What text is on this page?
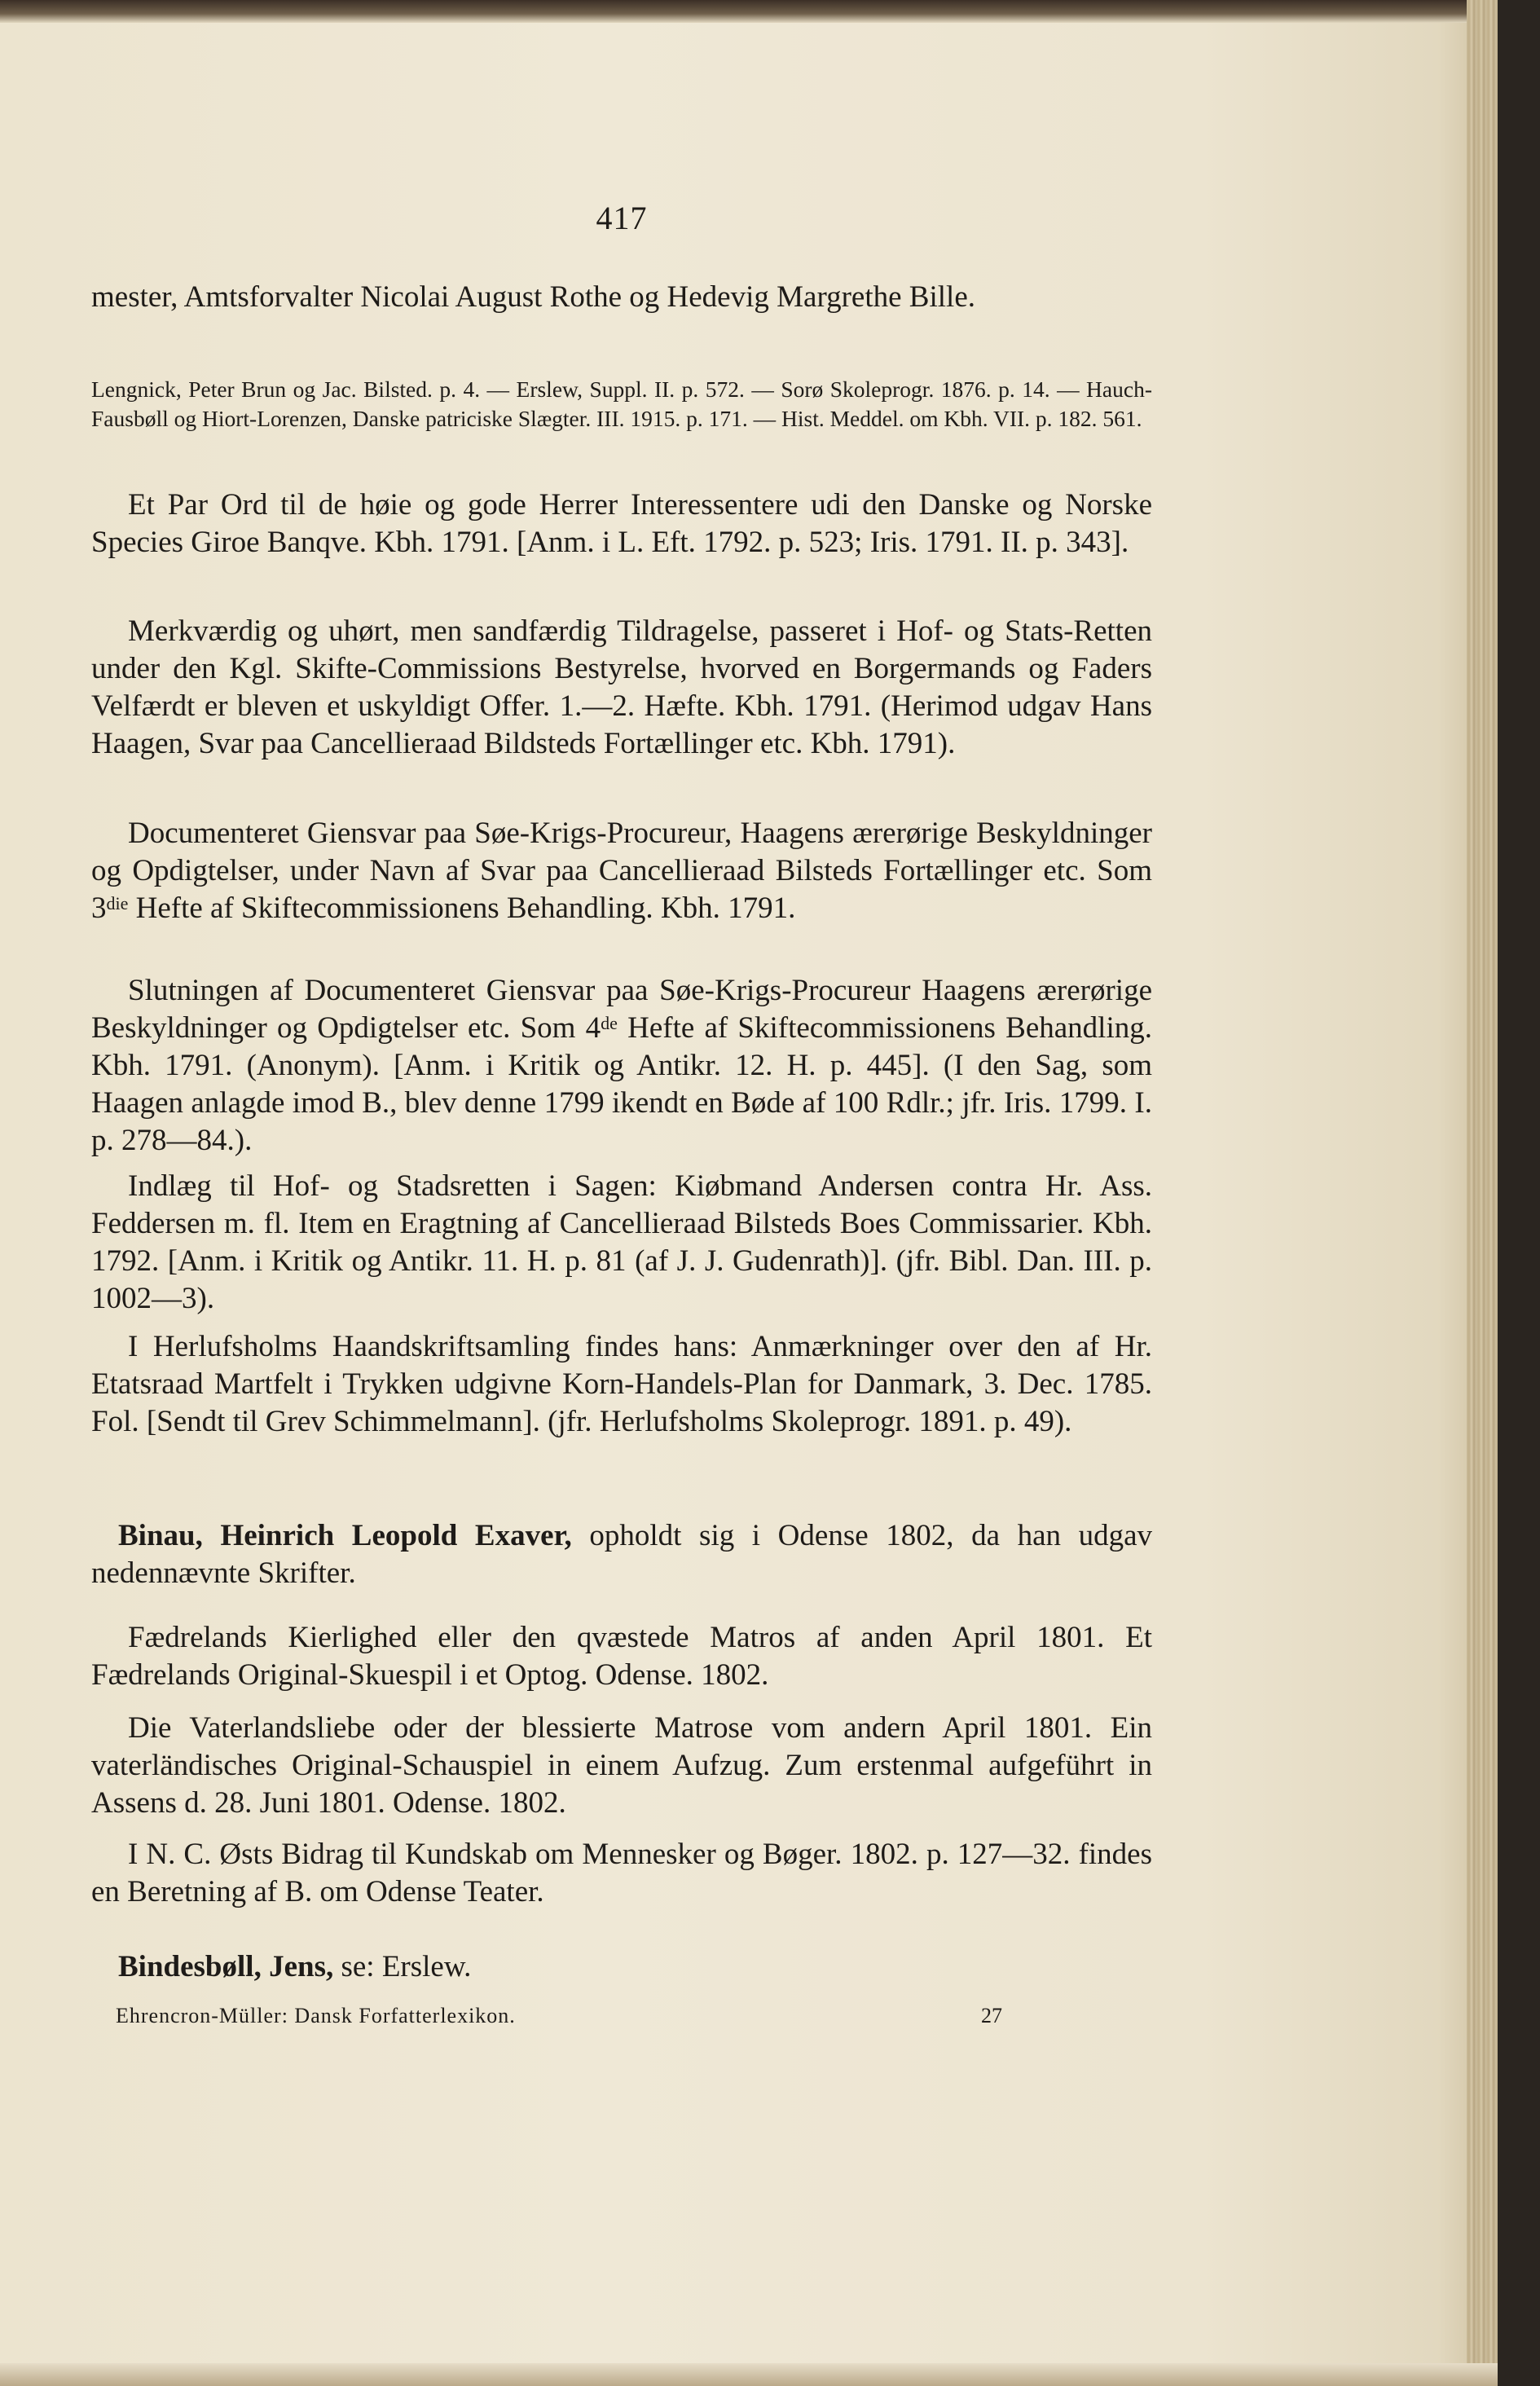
417
mester, Amtsforvalter Nicolai August Rothe og Hedevig Margrethe Bille.
Lengnick, Peter Brun og Jac. Bilsted. p. 4. — Erslew, Suppl. II. p. 572. — Sorø Skoleprogr. 1876. p. 14. — Hauch-Fausbøll og Hiort-Lorenzen, Danske patriciske Slægter. III. 1915. p. 171. — Hist. Meddel. om Kbh. VII. p. 182. 561.
Et Par Ord til de høie og gode Herrer Interessentere udi den Danske og Norske Species Giroe Banqve. Kbh. 1791. [Anm. i L. Eft. 1792. p. 523; Iris. 1791. II. p. 343].
Merkværdig og uhørt, men sandfærdig Tildragelse, passeret i Hof- og Stats-Retten under den Kgl. Skifte-Commissions Bestyrelse, hvorved en Borgermands og Faders Velfærdt er bleven et uskyldigt Offer. 1.—2. Hæfte. Kbh. 1791. (Herimod udgav Hans Haagen, Svar paa Cancellieraad Bildsteds Fortællinger etc. Kbh. 1791).
Documenteret Giensvar paa Søe-Krigs-Procureur, Haagens ærerørige Beskyldninger og Opdigtelser, under Navn af Svar paa Cancellieraad Bilsteds Fortællinger etc. Som $3^{die}$ Hefte af Skiftecommissionens Behandling. Kbh. 1791.
Slutningen af Documenteret Giensvar paa Søe-Krigs-Procureur Haagens ærerørige Beskyldninger og Opdigtelser etc. Som 4de Hefte af Skiftecommissionens Behandling. Kbh. 1791. (Anonym). [Anm. i Kritik og Antikr. 12. H. p. 445]. (I den Sag, som Haagen anlagde imod B., blev denne 1799 ikendt en Bøde af 100 Rdlr.; jfr. Iris. 1799. I. p. 278—84.).
Indlæg til Hof- og Stadsretten i Sagen: Kiøbmand Andersen contra Hr. Ass. Feddersen m. fl. Item en Eragtning af Cancellieraad Bilsteds Boes Commissarier. Kbh. 1792. [Anm. i Kritik og Antikr. 11. H. p. 81 (af J. J. Gudenrath)]. (jfr. Bibl. Dan. III. p. 1002—3).
I Herlufsholms Haandskriftsamling findes hans: Anmærkninger over den af Hr. Etatsraad Martfelt i Trykken udgivne Korn-Handels-Plan for Danmark, 3. Dec. 1785. Fol. [Sendt til Grev Schimmelmann]. (jfr. Herlufsholms Skoleprogr. 1891. p. 49).
Binau, Heinrich Leopold Exaver, opholdt sig i Odense 1802, da han udgav nedennævnte Skrifter.
Fædrelands Kierlighed eller den qvæstede Matros af anden April 1801. Et Fædrelands Original-Skuespil i et Optog. Odense. 1802.
Die Vaterlandsliebe oder der blessierte Matrose vom andern April 1801. Ein vaterländisches Original-Schauspiel in einem Aufzug. Zum erstenmal aufgeführt in Assens d. 28. Juni 1801. Odense. 1802.
I N. C. Østs Bidrag til Kundskab om Mennesker og Bøger. 1802. p. 127—32. findes en Beretning af B. om Odense Teater.
Bindesbøll, Jens, se: Erslew.
Ehrencron-Müller: Dansk Forfatterlexikon.	27
